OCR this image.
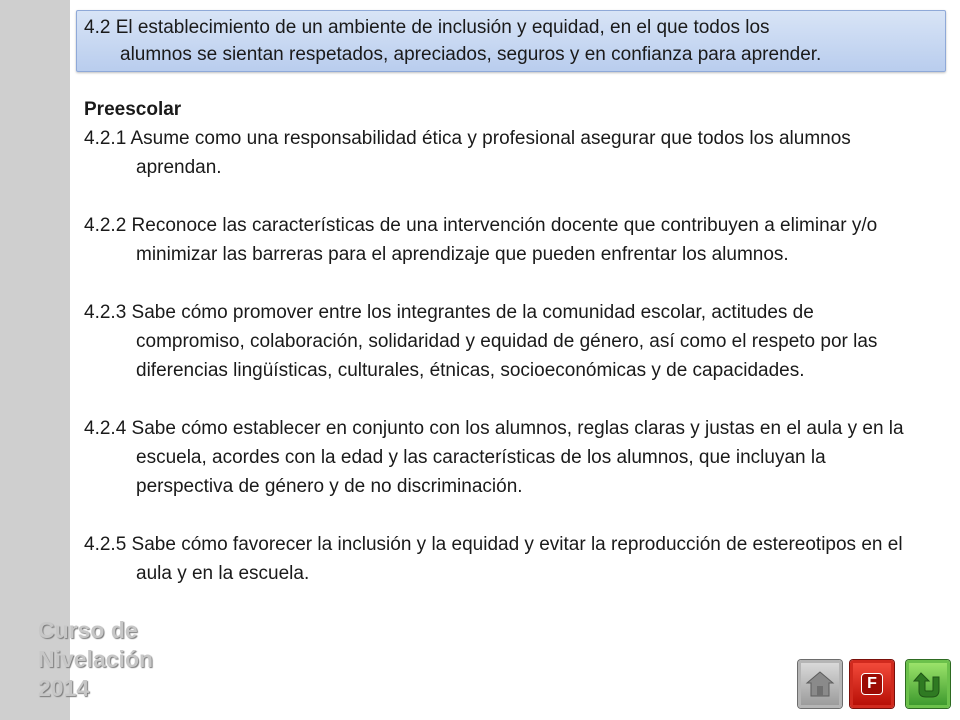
4.2 El establecimiento de un ambiente de inclusión y equidad, en el que todos los
alumnos se sientan respetados, apreciados, seguros y en confianza para aprender.
Preescolar
4.2.1 Asume como una responsabilidad ética y profesional asegurar que todos los alumnos aprendan.
4.2.2 Reconoce las características de una intervención docente que contribuyen a eliminar y/o minimizar las barreras para el aprendizaje que pueden enfrentar los alumnos.
4.2.3 Sabe cómo promover entre los integrantes de la comunidad escolar, actitudes de compromiso, colaboración, solidaridad y equidad de género, así como el respeto por las diferencias lingüísticas, culturales, étnicas, socioeconómicas y de capacidades.
4.2.4 Sabe cómo establecer en conjunto con los alumnos, reglas claras y justas en el aula y en la escuela, acordes con la edad y las características de los alumnos, que incluyan la perspectiva de género y de no discriminación.
4.2.5 Sabe cómo favorecer la inclusión y la equidad y evitar la reproducción de estereotipos en el aula y en la escuela.
Curso de
Nivelación
2014	F
